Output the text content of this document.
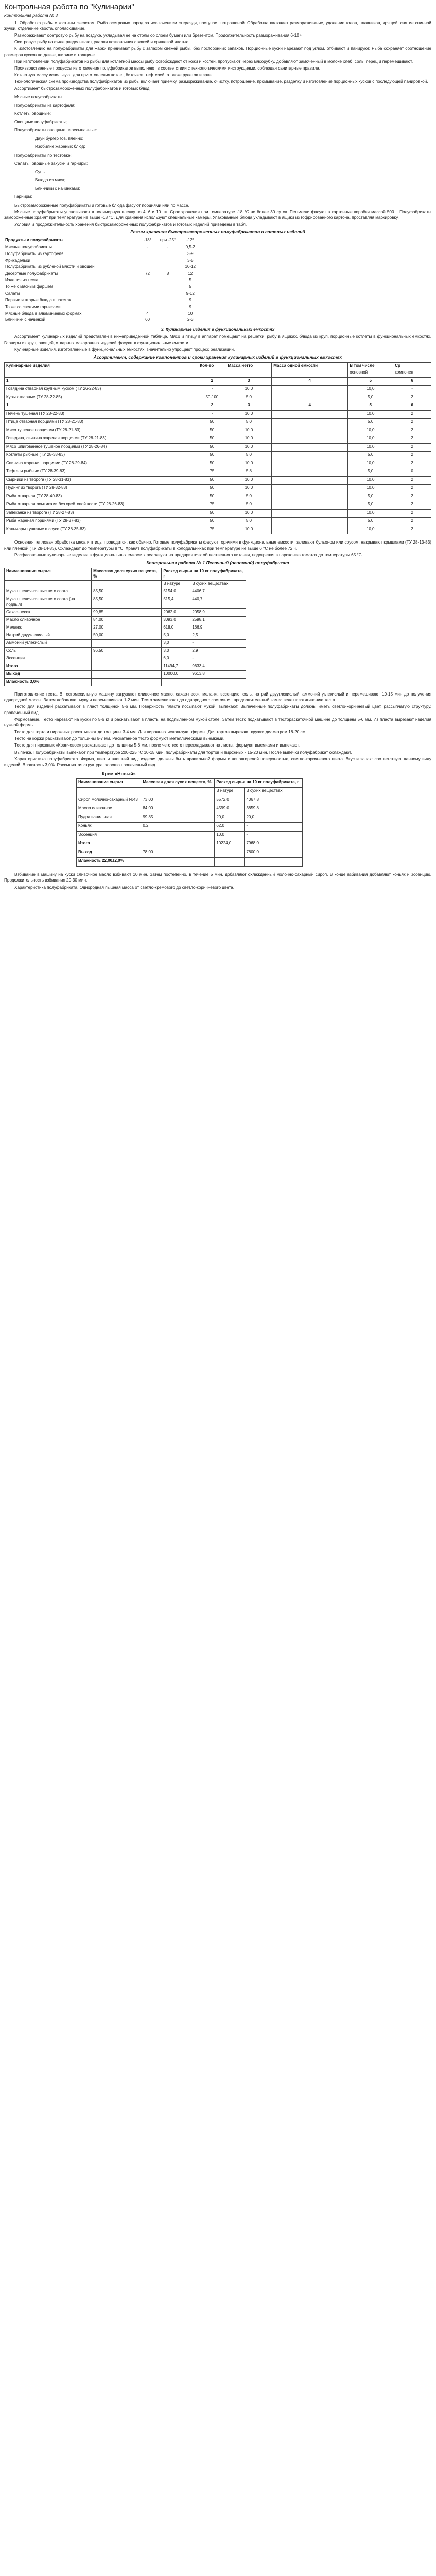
Контрольная работа по "Кулинарии"
Контрольная работа № 3

1. Обработка рыбы с костным скелетом. Рыба осетровых пород за исключением стерляди, поступает потрошеной. Обработка включает размораживание, удаление голов, плавников, хрящей, снятие спинной жучки, отделение хвоста, ополаскивание.

Размораживают осетровую рыбу на воздухе, укладывая ее на столы со слоем бумаги или брезентом. Продолжительность размораживания 6-10 ч.

Осетровую рыбу на филе разделывают, удаляя позвоночник с кожей и хрящевой частью.

К изготовлению на полуфабрикаты для жарки принимают рыбу с запахом свежей рыбы, без посторонних запахов. Порционные куски нарезают под углом, отбивают и панируют. Рыба сохраняет соотношение размеров кусков по длине, ширине и толщине.

При изготовлении полуфабрикатов из рыбы для котлетной массы рыбу освобождают от кожи и костей, пропускают через мясорубку, добавляют замоченный в молоке хлеб, соль, перец и перемешивают.

Производственные процессы изготовления полуфабрикатов выполняют в соответствии с технологическими инструкциями, соблюдая санитарные правила.

Котлетную массу используют для приготовления котлет, биточков, тефтелей, а также рулетов и зраз.

Технологическая схема производства полуфабрикатов из рыбы включает приемку, размораживание, очистку, потрошение, промывание, разделку и изготовление порционных кусков с последующей панировкой.

Ассортимент быстрозамороженных полуфабрикатов и готовых блюд:

Мясные полуфабрикаты ;
Полуфабрикаты из картофеля;
Котлеты овощные;
Овощные полуфабрикаты;
Полуфабрикаты овощные пересыпанные:
Даун бургер гов. пленно:
Изобилие жареных блюд:
Полуфабрикаты по тестовке:
Салаты, овощные закуски и гарниры:
Супы
Блюда из мяса;
Блинчики с начинками:
Гарниры;

Быстрозамороженные полуфабрикаты и готовые блюда фасуют порциями или по массе.

Мясные полуфабрикаты упаковывают в полимерную пленку по 4, 6 и 10 шт. Срок хранения при температуре -18 °C не более 30 суток. Пельмени фасуют в картонные коробки массой 500 г. Полуфабрикаты замороженные хранят при температуре не выше -18 °C. Для хранения используют специальные камеры. Упакованные блюда укладывают в ящики из гофрированного картона, проставляя маркировку.

Условия и продолжительность хранения быстрозамороженных полуфабрикатов и готовых изделий приведены в табл.

Режим хранения быстрозамороженных полуфабрикатов и готовых изделий
Продукты и полуфабрикаты	-18°	при -25°	-12°
Мясные полуфабрикаты	-	-	0,5-2
Полуфабрикаты из картофеля			3-9
Фрикадельки			3-5
Полуфабрикаты из рубленой мякоти и овощей			10-12
Десертные полуфабрикаты	72	8	12
Изделия из теста			5
То же с мясным фаршем			5
Салаты			9-12
Первые и вторые блюда в пакетах			9
То же со свежими гарнирами			9
Мясные блюда в алюминиевых формах	4		10
Блинчики с начинкой	60		2-3
3. Кулинарные изделия в функциональных емкостях

Ассортимент кулинарных изделий представлен в нижеприведенной таблице. Мясо и птицу в аппарат помещают на решетки, рыбу в ящиках, блюда из круп, порционные котлеты в функциональных емкостях. Гарниры из круп, овощей, отварных макаронных изделий фасуют в функциональные емкости.

Кулинарные изделия, изготовленные в функциональных емкостях, значительно упрощают процесс реализации.

Ассортимент, содержание компонентов и сроки хранения кулинарных изделий в функциональных емкостях
Кулинарные изделия	Кол-во	Масса нетто	Масса одной емкости	В том числе	Ср
				основной	компонент
1	2	3	4	5	6
Говядина отварная крупным куском (ТУ 26-22-83)	-	10,0		10,0	-
Куры отварные (ТУ 28-22-85)	50-100	5,0		5,0	2
1	2	3	4	5	6
Печень тушеная (ТУ 28-22-83)	-	10,0		10,0	2
Птица отварная порциями (ТУ 28-21-83)	50	5,0		5,0	2
Мясо тушеное порциями (ТУ 28-21-83)	50	10,0		10,0	2
Говядина, свинина жареная порциями (ТУ 28-21-83)	50	10,0		10,0	2
Мясо шпигованное тушеное порциями (ТУ 28-26-84)	50	10,0		10,0	2
Котлеты рыбные (ТУ 28-38-83)	50	5,0		5,0	2
Свинина жареная порциями (ТУ 28-29-84)	50	10,0		10,0	2
Тефтели рыбные (ТУ 28-39-83)	75	5,8		5,0	0
Сырники из творога (ТУ 28-31-83)	50	10,0		10,0	2
Пудинг из творога (ТУ 28-32-83)	50	10,0		10,0	2
Рыба отварная (ТУ 28-40-83)	50	5,0		5,0	2
Рыба отварная ломтиками без хребтовой кости (ТУ 28-26-83)	75	5,0		5,0	2
Запеканка из творога (ТУ 28-27-83)	50	10,0		10,0	2
Рыба жареная порциями (ТУ 28-37-83)	50	5,0		5,0	2
Кальмары тушеные в соусе (ТУ 28-35-83)	75	10,0		10,0	2

Основная тепловая обработка мяса и птицы проводится, как обычно. Готовые полуфабрикаты фасуют горячими в функциональные емкости, заливают бульоном или соусом, накрывают крышками (ТУ 28-13-83) или пленкой (ТУ 28-14-83). Охлаждают до температуры 8 °C. Хранят полуфабрикаты в холодильниках при температуре не выше 6 °C не более 72 ч.

Расфасованные кулинарные изделия в функциональных емкостях реализуют на предприятиях общественного питания, подогревая в пароконвектоматах до температуры 65 °C.

Контрольная работа № 1 Песочный (основной) полуфабрикат
Наименование сырья	Массовая доля сухих веществ, %	Расход сырья на 10 кг полуфабриката, г	
		В натуре	В сухих веществах
Мука пшеничная высшего сорта	85,50	5154,0	4406,7
Мука пшеничная высшего сорта (на подпыл)	85,50	515,4	440,7
Сахар-песок	99,85	2062,0	2058,9
Масло сливочное	84,00	3093,0	2598,1
Меланж	27,00	618,0	166,9
Натрий двууглекислый	50,00	5,0	2,5
Аммоний углекислый		3,0	-
Соль	96,50	3,0	2,9
Эссенция		6,0	-
Итого		11494,7	9633,4
Выход		10000,0	9613,8
Влажность 3,0%			

Приготовление теста. В тестомесильную машину загружают сливочное масло, сахар-песок, меланж, эссенцию, соль, натрий двууглекислый, аммоний углекислый и перемешивают 10-15 мин до получения однородной массы. Затем добавляют муку и перемешивают 1-2 мин. Тесто замешивают до однородного состояния; продолжительный замес ведет к затягиванию теста.

Тесто для изделий раскатывают в пласт толщиной 5-6 мм. Поверхность пласта посыпают мукой, выпекают. Выпеченные полуфабрикаты должны иметь светло-коричневый цвет, рассыпчатую структуру, пропеченный вид.

Формование. Тесто нарезают на куски по 5-6 кг и раскатывают в пласты на подпыленном мукой столе. Затем тесто подкатывают в тестораскаточной машине до толщины 5-6 мм. Из пласта вырезают изделия нужной формы.

Тесто для торта и пирожных раскатывают до толщины 3-4 мм. Для пирожных используют формы. Для тортов вырезают кружки диаметром 18-20 см.

Тесто на коржи раскатывают до толщины 6-7 мм. Раскатанное тесто формуют металлическими выемками.

Тесто для пирожных «Кранчевое» раскатывают до толщины 5-8 мм, после чего тесто перекладывают на листы, формуют выемками и выпекают.

Выпечка. Полуфабрикаты выпекают при температуре 200-225 °C 10-15 мин, полуфабрикаты для тортов и пирожных - 15-20 мин. После выпечки полуфабрикат охлаждают.

Характеристика полуфабриката. Форма, цвет и внешний вид: изделия должны быть правильной формы с неподгорелой поверхностью, светло-коричневого цвета. Вкус и запах: соответствует данному виду изделий. Влажность 3,0%. Рассыпчатая структура, хорошо пропеченный вид.

Крем «Новый»
Наименование сырья	Массовая доля сухих веществ, %	Расход сырья на 10 кг полуфабриката, г	
		В натуре	В сухих веществах
Сироп молочно-сахарный №43	73,00	5572,0	4067,8
Масло сливочное	84,00	4599,0	3859,8
Пудра ванильная	99,85	20,0	20,0
Коньяк	0,2	62,0	-
Эссенция		10,0	-
Итого		10224,0	7968,0
Выход	78,00		7800,0
Влажность 22,00±2,0%			

Взбивание в машину на куски сливочное масло взбивают 10 мин. Затем постепенно, в течение 5 мин, добавляют охлажденный молочно-сахарный сироп. В конце взбивания добавляют коньяк и эссенцию. Продолжительность взбивания 20-30 мин.

Характеристика полуфабриката. Однородная пышная масса от светло-кремового до светло-коричневого цвета.
